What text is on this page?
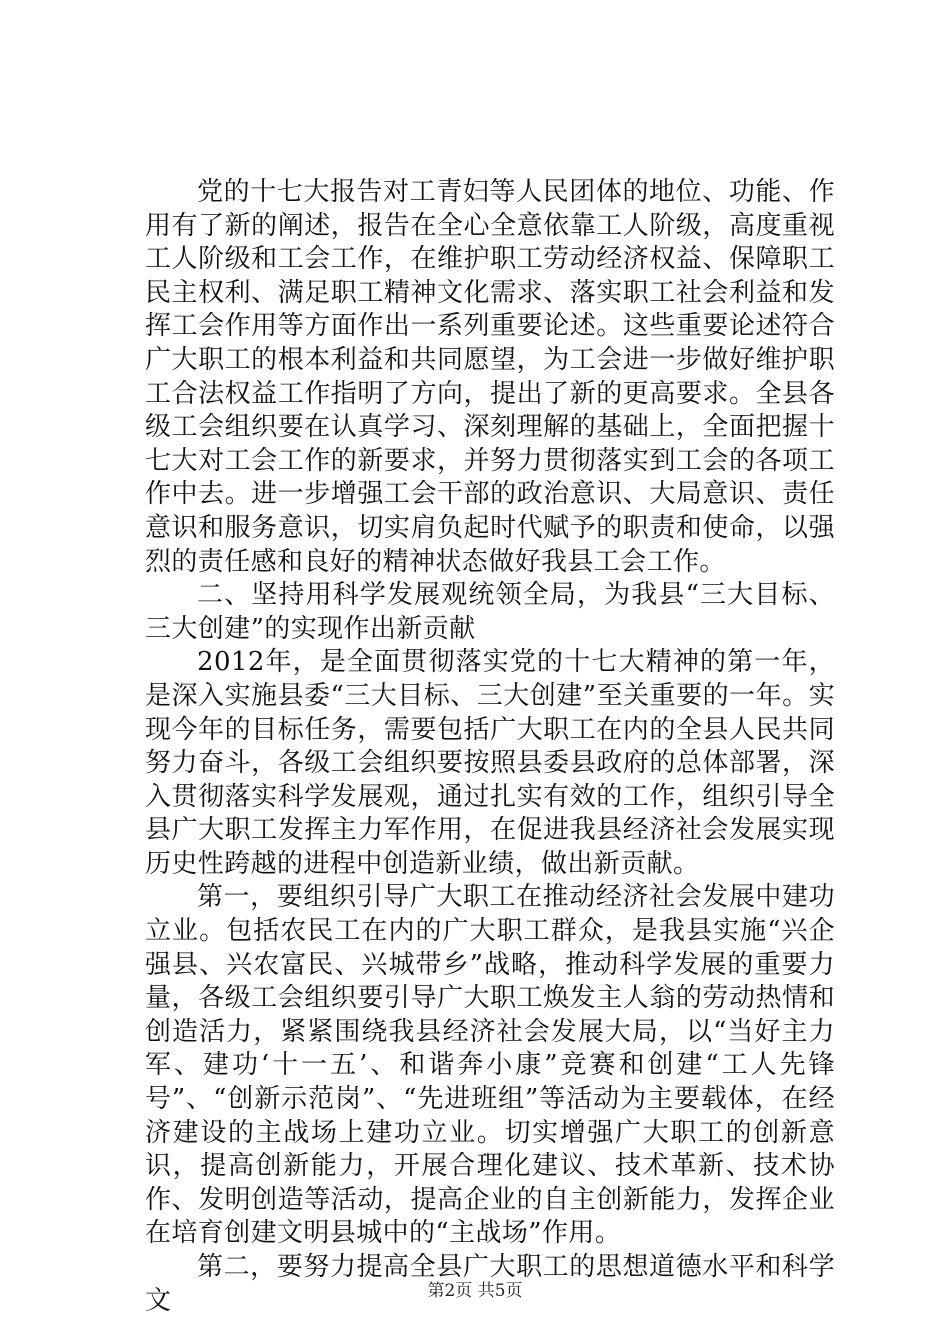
党的十七大报告对工青妇等人民团体的地位、功能、作用有了新的阐述，报告在全心全意依靠工人阶级，高度重视工人阶级和工会工作，在维护职工劳动经济权益、保障职工民主权利、满足职工精神文化需求、落实职工社会利益和发挥工会作用等方面作出一系列重要论述。这些重要论述符合广大职工的根本利益和共同愿望，为工会进一步做好维护职工合法权益工作指明了方向，提出了新的更高要求。全县各级工会组织要在认真学习、深刻理解的基础上，全面把握十七大对工会工作的新要求，并努力贯彻落实到工会的各项工作中去。进一步增强工会干部的政治意识、大局意识、责任意识和服务意识，切实肩负起时代赋予的职责和使命，以强烈的责任感和良好的精神状态做好我县工会工作。

二、坚持用科学发展观统领全局，为我县“三大目标、三大创建”的实现作出新贡献

2012年，是全面贯彻落实党的十七大精神的第一年，是深入实施县委“三大目标、三大创建”至关重要的一年。实现今年的目标任务，需要包括广大职工在内的全县人民共同努力奋斗，各级工会组织要按照县委县政府的总体部署，深入贯彻落实科学发展观，通过扎实有效的工作，组织引导全县广大职工发挥主力军作用，在促进我县经济社会发展实现历史性跨越的进程中创造新业绩，做出新贡献。

第一，要组织引导广大职工在推动经济社会发展中建功立业。包括农民工在内的广大职工群众，是我县实施“兴企强县、兴农富民、兴城带乡”战略，推动科学发展的重要力量，各级工会组织要引导广大职工焕发主人翁的劳动热情和创造活力，紧紧围绕我县经济社会发展大局，以“当好主力军、建功‘十一五’、和谐奔小康”竞赛和创建“工人先锋号”、“创新示范岗”、“先进班组”等活动为主要载体，在经济建设的主战场上建功立业。切实增强广大职工的创新意识，提高创新能力，开展合理化建议、技术革新、技术协作、发明创造等活动，提高企业的自主创新能力，发挥企业在培育创建文明县城中的“主战场”作用。

第二，要努力提高全县广大职工的思想道德水平和科学文	第2页 共5页
